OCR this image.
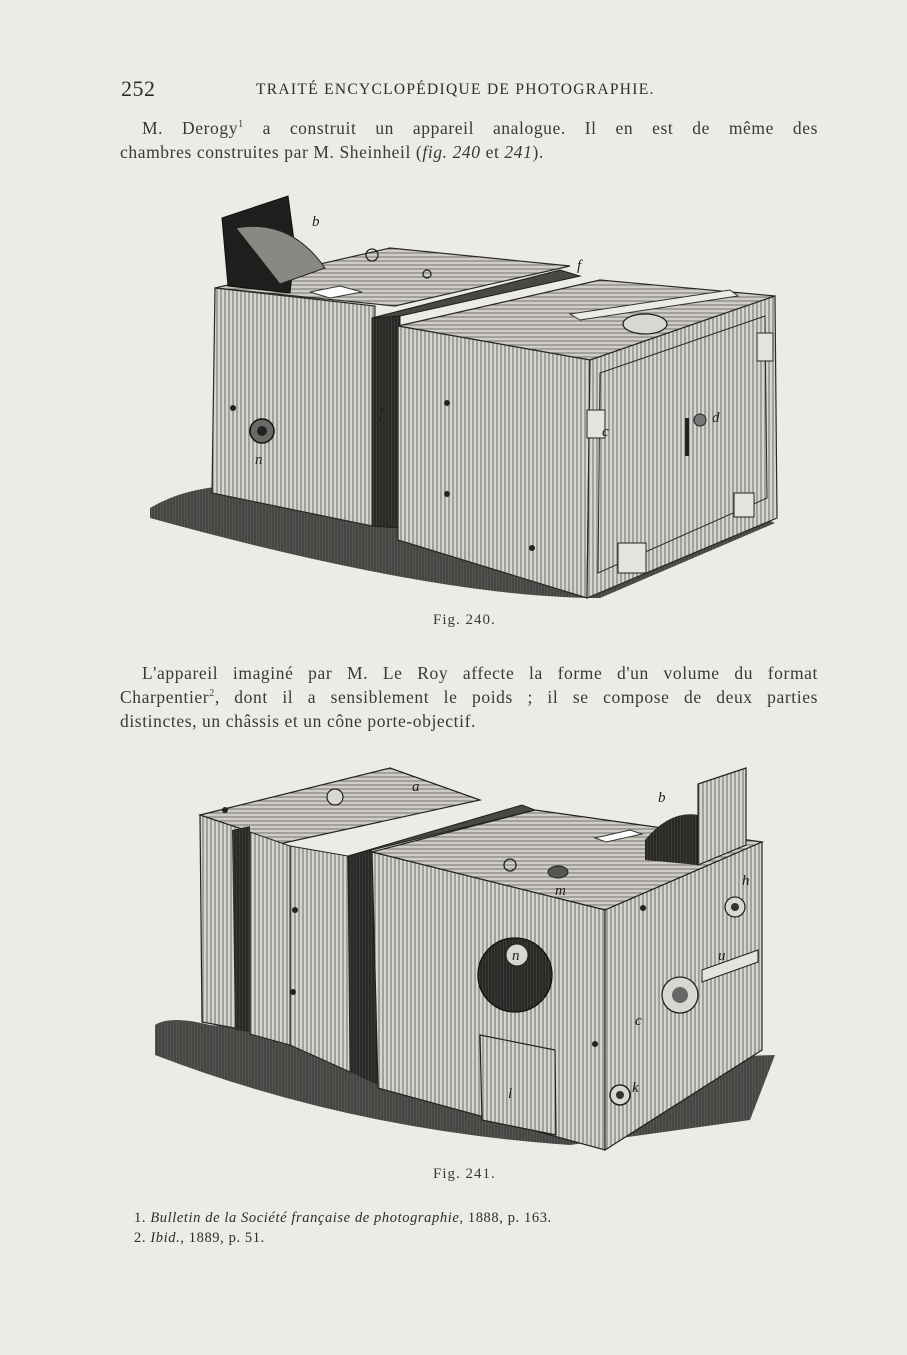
252	TRAITÉ ENCYCLOPÉDIQUE DE PHOTOGRAPHIE.
M. Derogy$^1$ a construit un appareil analogue. Il en est de même des
chambres construites par M. Sheinheil (fig. 240 et 241).
b
f
f
c
d
n
Fig. 240.
L'appareil imaginé par M. Le Roy affecte la forme d'un volume du format
Charpentier$^2$, dont il a sensiblement le poids ; il se compose de deux parties
distinctes, un châssis et un cône porte-objectif.
a
b
h
u
m
n
c
k
l
Fig. 241.
1. Bulletin de la Société française de photographie, 1888, p. 163.
2. Ibid., 1889, p. 51.
